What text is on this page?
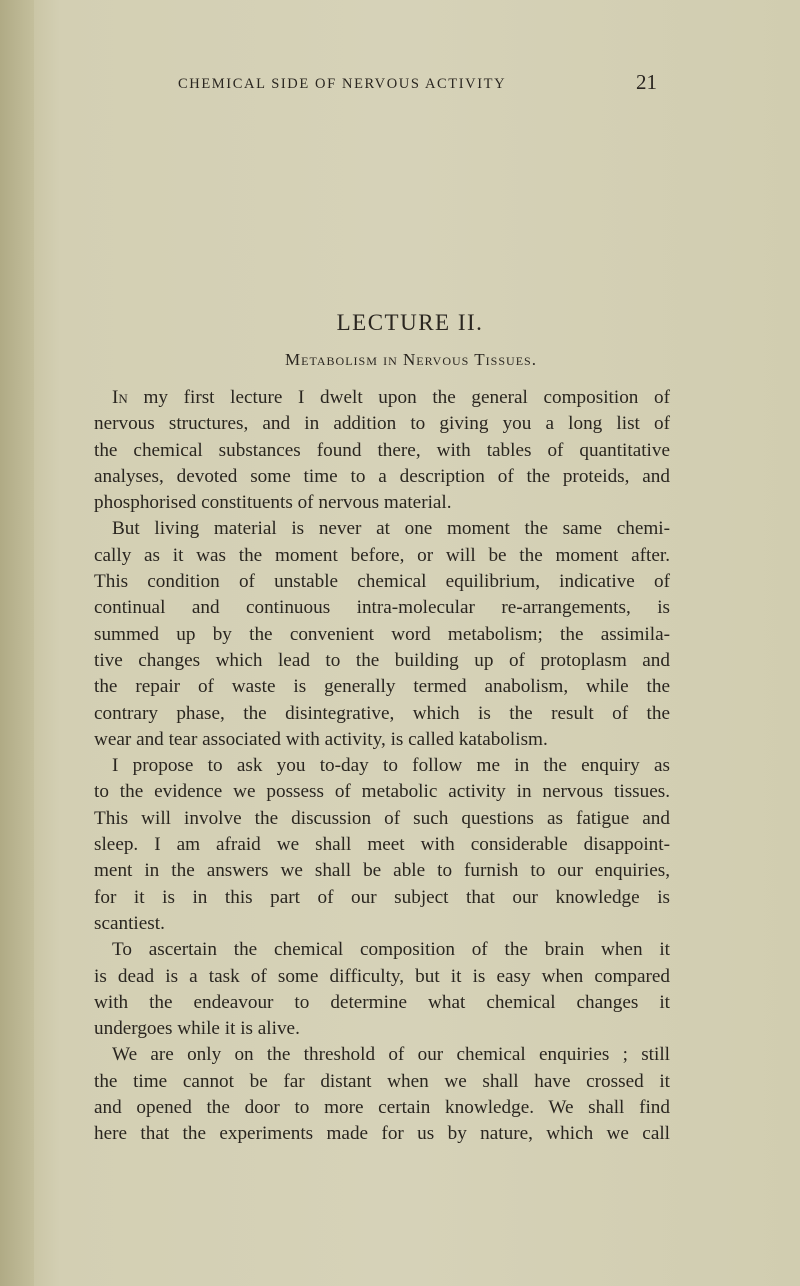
CHEMICAL SIDE OF NERVOUS ACTIVITY	21
LECTURE II.
Metabolism in Nervous Tissues.
In my first lecture I dwelt upon the general composition of
nervous structures, and in addition to giving you a long list of
the chemical substances found there, with tables of quantitative
analyses, devoted some time to a description of the proteids, and
phosphorised constituents of nervous material.
But living material is never at one moment the same chemi-
cally as it was the moment before, or will be the moment after.
This condition of unstable chemical equilibrium, indicative of
continual and continuous intra-molecular re-arrangements, is
summed up by the convenient word metabolism; the assimila-
tive changes which lead to the building up of protoplasm and
the repair of waste is generally termed anabolism, while the
contrary phase, the disintegrative, which is the result of the
wear and tear associated with activity, is called katabolism.
I propose to ask you to-day to follow me in the enquiry as
to the evidence we possess of metabolic activity in nervous tissues.
This will involve the discussion of such questions as fatigue and
sleep. I am afraid we shall meet with considerable disappoint-
ment in the answers we shall be able to furnish to our enquiries,
for it is in this part of our subject that our knowledge is
scantiest.
To ascertain the chemical composition of the brain when it
is dead is a task of some difficulty, but it is easy when compared
with the endeavour to determine what chemical changes it
undergoes while it is alive.
We are only on the threshold of our chemical enquiries ; still
the time cannot be far distant when we shall have crossed it
and opened the door to more certain knowledge. We shall find
here that the experiments made for us by nature, which we call
